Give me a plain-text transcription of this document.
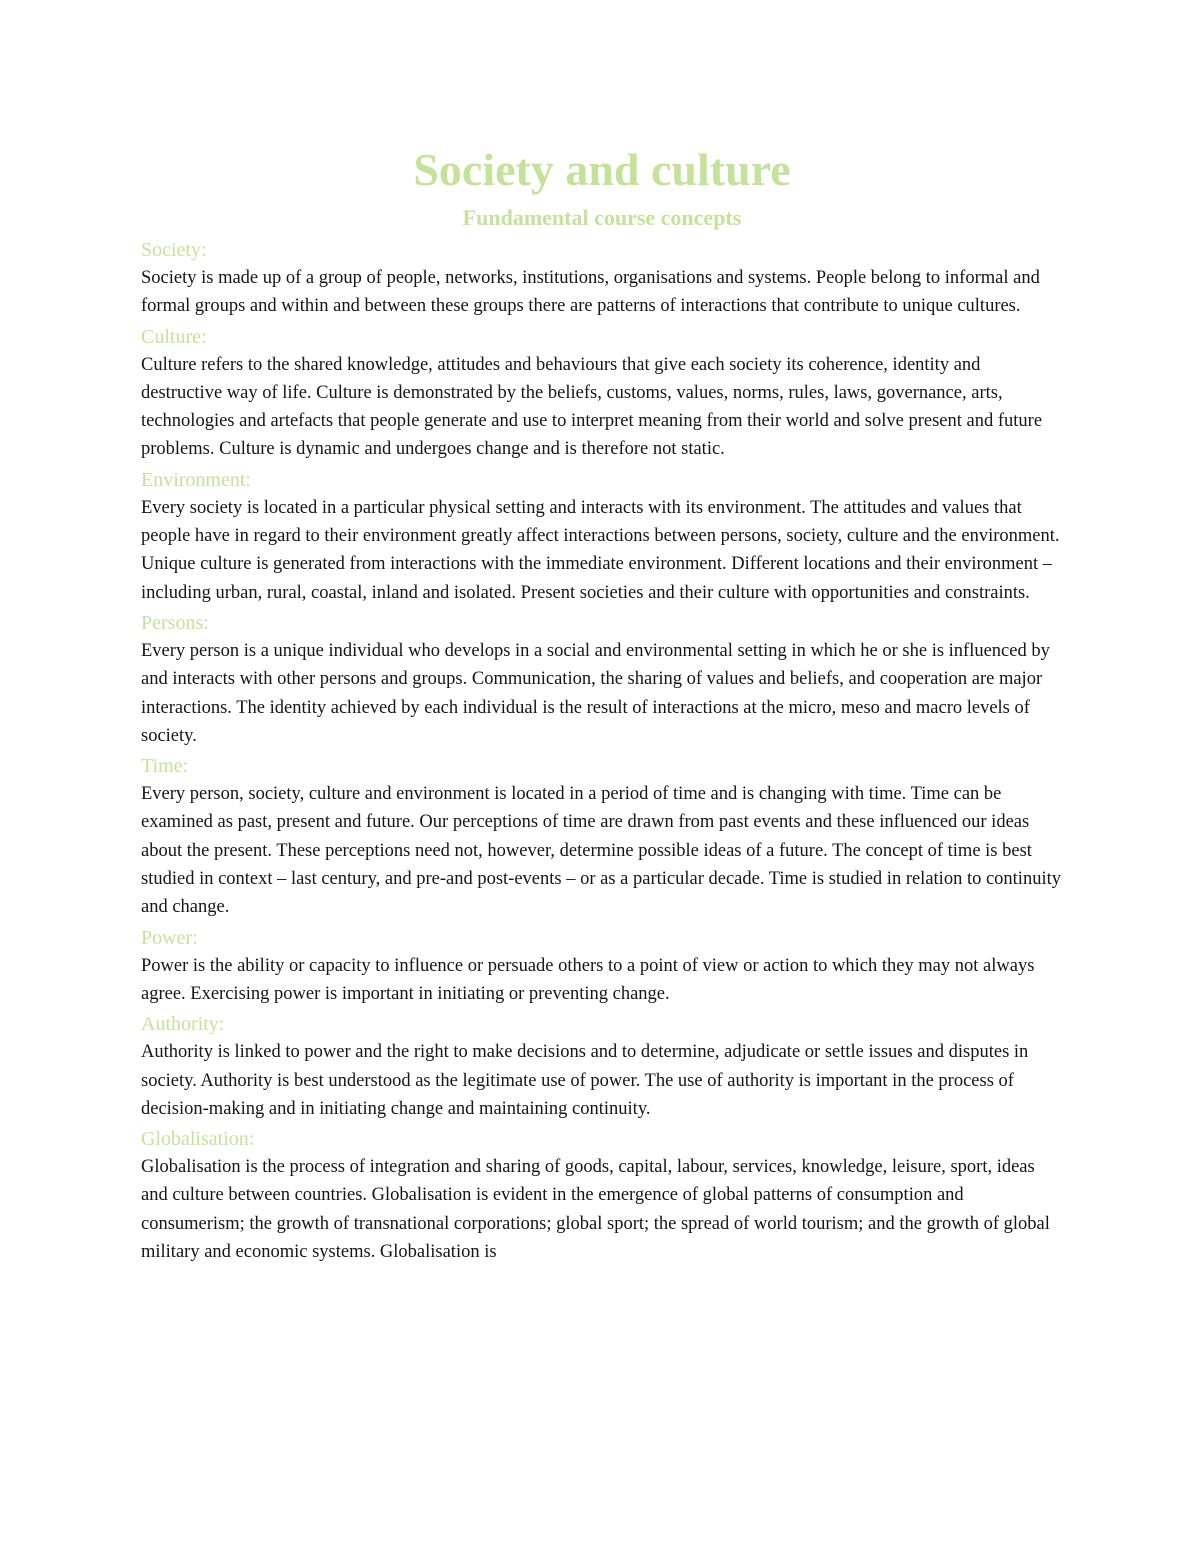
Society and culture
Fundamental course concepts
Society:

Society is made up of a group of people, networks, institutions, organisations and systems. People belong to informal and formal groups and within and between these groups there are patterns of interactions that contribute to unique cultures.

Culture:

Culture refers to the shared knowledge, attitudes and behaviours that give each society its coherence, identity and destructive way of life. Culture is demonstrated by the beliefs, customs, values, norms, rules, laws, governance, arts, technologies and artefacts that people generate and use to interpret meaning from their world and solve present and future problems. Culture is dynamic and undergoes change and is therefore not static.

Environment:

Every society is located in a particular physical setting and interacts with its environment. The attitudes and values that people have in regard to their environment greatly affect interactions between persons, society, culture and the environment. Unique culture is generated from interactions with the immediate environment. Different locations and their environment – including urban, rural, coastal, inland and isolated. Present societies and their culture with opportunities and constraints.

Persons:

Every person is a unique individual who develops in a social and environmental setting in which he or she is influenced by and interacts with other persons and groups. Communication, the sharing of values and beliefs, and cooperation are major interactions. The identity achieved by each individual is the result of interactions at the micro, meso and macro levels of society.

Time:

Every person, society, culture and environment is located in a period of time and is changing with time. Time can be examined as past, present and future. Our perceptions of time are drawn from past events and these influenced our ideas about the present. These perceptions need not, however, determine possible ideas of a future. The concept of time is best studied in context – last century, and pre-and post-events – or as a particular decade. Time is studied in relation to continuity and change.

Power:

Power is the ability or capacity to influence or persuade others to a point of view or action to which they may not always agree. Exercising power is important in initiating or preventing change.

Authority:

Authority is linked to power and the right to make decisions and to determine, adjudicate or settle issues and disputes in society. Authority is best understood as the legitimate use of power. The use of authority is important in the process of decision-making and in initiating change and maintaining continuity.

Globalisation:

Globalisation is the process of integration and sharing of goods, capital, labour, services, knowledge, leisure, sport, ideas and culture between countries. Globalisation is evident in the emergence of global patterns of consumption and consumerism; the growth of transnational corporations; global sport; the spread of world tourism; and the growth of global military and economic systems. Globalisation is
